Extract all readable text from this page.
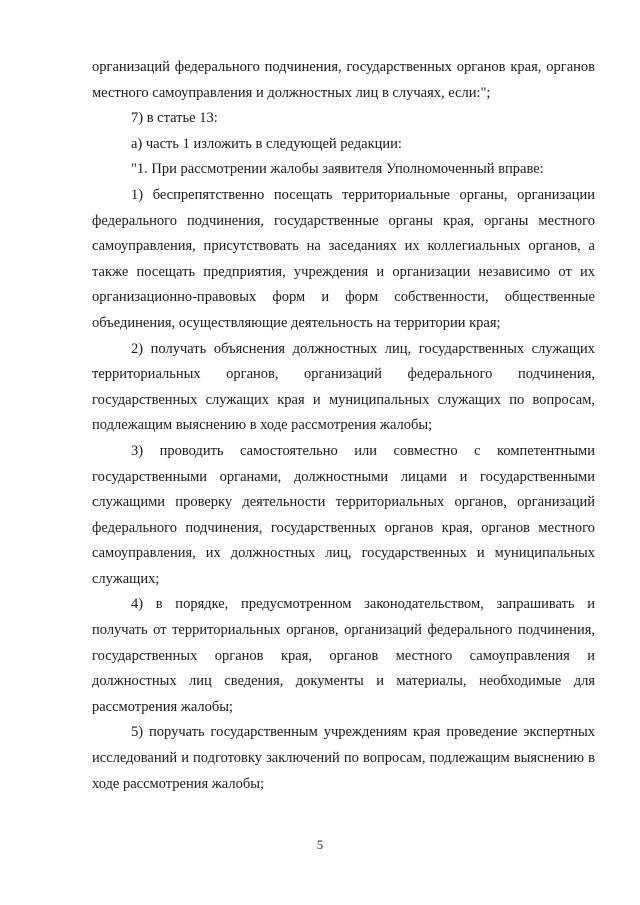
организаций федерального подчинения, государственных органов края, органов местного самоуправления и должностных лиц в случаях, если:";

7) в статье 13:

а) часть 1 изложить в следующей редакции:

"1. При рассмотрении жалобы заявителя Уполномоченный вправе:

1) беспрепятственно посещать территориальные органы, организации федерального подчинения, государственные органы края, органы местного самоуправления, присутствовать на заседаниях их коллегиальных органов, а также посещать предприятия, учреждения и организации независимо от их организационно-правовых форм и форм собственности, общественные объединения, осуществляющие деятельность на территории края;

2) получать объяснения должностных лиц, государственных служащих территориальных органов, организаций федерального подчинения, государственных служащих края и муниципальных служащих по вопросам, подлежащим выяснению в ходе рассмотрения жалобы;

3) проводить самостоятельно или совместно с компетентными государственными органами, должностными лицами и государственными служащими проверку деятельности территориальных органов, организаций федерального подчинения, государственных органов края, органов местного самоуправления, их должностных лиц, государственных и муниципальных служащих;

4) в порядке, предусмотренном законодательством, запрашивать и получать от территориальных органов, организаций федерального подчинения, государственных органов края, органов местного самоуправления и должностных лиц сведения, документы и материалы, необходимые для рассмотрения жалобы;

5) поручать государственным учреждениям края проведение экспертных исследований и подготовку заключений по вопросам, подлежащим выяснению в ходе рассмотрения жалобы;

5
